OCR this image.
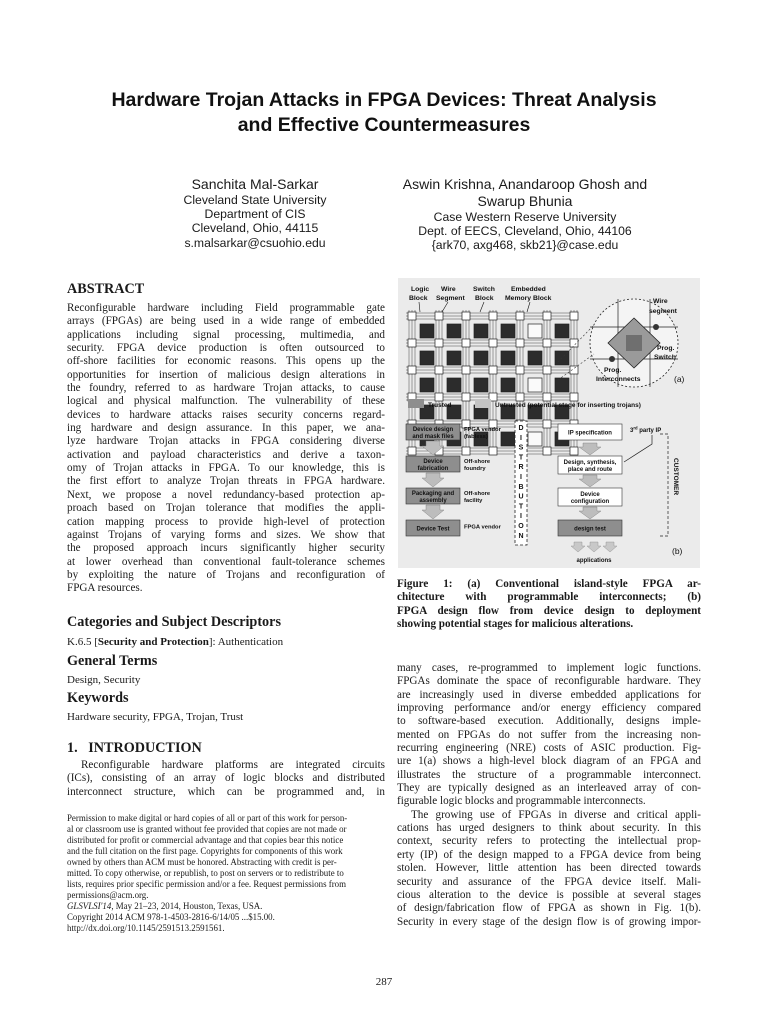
Hardware Trojan Attacks in FPGA Devices: Threat Analysis
and Effective Countermeasures
Sanchita Mal-Sarkar
Cleveland State University
Department of CIS
Cleveland, Ohio, 44115
s.malsarkar@csuohio.edu
Aswin Krishna, Anandaroop Ghosh and
Swarup Bhunia
Case Western Reserve University
Dept. of EECS, Cleveland, Ohio, 44106
{ark70, axg468, skb21}@case.edu
ABSTRACT
Reconfigurable hardware including Field programmable gate
arrays (FPGAs) are being used in a wide range of embedded
applications including signal processing, multimedia, and
security. FPGA device production is often outsourced to
off-shore facilities for economic reasons. This opens up the
opportunities for insertion of malicious design alterations in
the foundry, referred to as hardware Trojan attacks, to cause
logical and physical malfunction. The vulnerability of these
devices to hardware attacks raises security concerns regard-
ing hardware and design assurance. In this paper, we ana-
lyze hardware Trojan attacks in FPGA considering diverse
activation and payload characteristics and derive a taxon-
omy of Trojan attacks in FPGA. To our knowledge, this is
the first effort to analyze Trojan threats in FPGA hardware.
Next, we propose a novel redundancy-based protection ap-
proach based on Trojan tolerance that modifies the appli-
cation mapping process to provide high-level of protection
against Trojans of varying forms and sizes. We show that
the proposed approach incurs significantly higher security
at lower overhead than conventional fault-tolerance schemes
by exploiting the nature of Trojans and reconfiguration of
FPGA resources.
Categories and Subject Descriptors

K.6.5 [Security and Protection]: Authentication

General Terms

Design, Security

Keywords

Hardware security, FPGA, Trojan, Trust

1.   INTRODUCTION
Reconfigurable hardware platforms are integrated circuits
(ICs), consisting of an array of logic blocks and distributed
interconnect structure, which can be programmed and, in
Permission to make digital or hard copies of all or part of this work for person-
al or classroom use is granted without fee provided that copies are not made or
distributed for profit or commercial advantage and that copies bear this notice
and the full citation on the first page. Copyrights for components of this work
owned by others than ACM must be honored. Abstracting with credit is per-
mitted. To copy otherwise, or republish, to post on servers or to redistribute to
lists, requires prior specific permission and/or a fee. Request permissions from
permissions@acm.org.
GLSVLSI'14, May 21–23, 2014, Houston, Texas, USA.
Copyright 2014 ACM 978-1-4503-2816-6/14/05 ...$15.00.
http://dx.doi.org/10.1145/2591513.2591561.
Logic
Block
Wire
Segment
Switch
Block
Embedded
Memory Block	Wire
segment
Prog.
Switch
Prog.
Interconnects	(a)
Trusted	Untrusted (potential stage for inserting trojans)
Device design
and mask files
FPGA vendor
(fabless)
Device
fabrication
Off-shore
foundry
Packaging and
assembly
Off-shore
facility
Device Test	FPGA vendor
D
I
S
T
R
I
B
U
T
I
O
N
IP specification
Design, synthesis,
place and route
Device
configuration
design test
3rd party IP
CUSTOMER
applications
(b)
Figure 1: (a) Conventional island-style FPGA ar-
chitecture with programmable interconnects; (b)
FPGA design flow from device design to deployment
showing potential stages for malicious alterations.
many cases, re-programmed to implement logic functions.
FPGAs dominate the space of reconfigurable hardware. They
are increasingly used in diverse embedded applications for
improving performance and/or energy efficiency compared
to software-based execution. Additionally, designs imple-
mented on FPGAs do not suffer from the increasing non-
recurring engineering (NRE) costs of ASIC production. Fig-
ure 1(a) shows a high-level block diagram of an FPGA and
illustrates the structure of a programmable interconnect.
They are typically designed as an interleaved array of con-
figurable logic blocks and programmable interconnects.
The growing use of FPGAs in diverse and critical appli-
cations has urged designers to think about security. In this
context, security refers to protecting the intellectual prop-
erty (IP) of the design mapped to a FPGA device from being
stolen. However, little attention has been directed towards
security and assurance of the FPGA device itself. Mali-
cious alteration to the device is possible at several stages
of design/fabrication flow of FPGA as shown in Fig. 1(b).
Security in every stage of the design flow is of growing impor-
287
